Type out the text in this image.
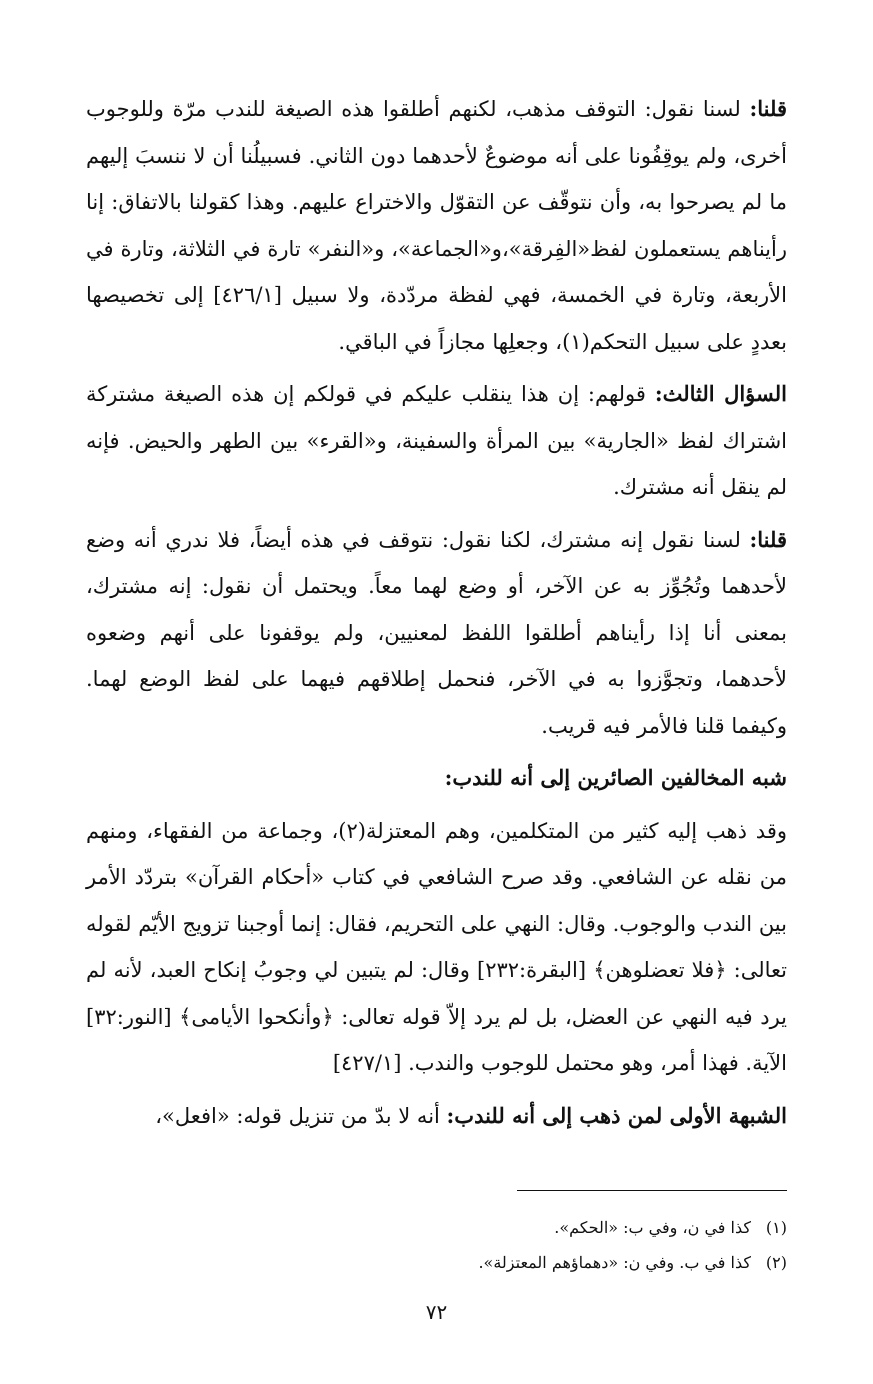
قلنا: لسنا نقول: التوقف مذهب، لكنهم أطلقوا هذه الصيغة للندب مرّة وللوجوب أخرى، ولم يوقِفُونا على أنه موضوعٌ لأحدهما دون الثاني. فسبيلُنا أن لا ننسبَ إليهم ما لم يصرحوا به، وأن نتوقّف عن التقوّل والاختراع عليهم. وهذا كقولنا بالاتفاق: إنا رأيناهم يستعملون لفظ«الفِرقة»،و«الجماعة»، و«النفر» تارة في الثلاثة، وتارة في الأربعة، وتارة في الخمسة، فهي لفظة مردّدة، ولا سبيل [٤٢٦/١] إلى تخصيصها بعددٍ على سبيل التحكم(١)، وجعلِها مجازاً في الباقي.

السؤال الثالث: قولهم: إن هذا ينقلب عليكم في قولكم إن هذه الصيغة مشتركة اشتراك لفظ «الجارية» بين المرأة والسفينة، و«القرء» بين الطهر والحيض. فإنه لم ينقل أنه مشترك.

قلنا: لسنا نقول إنه مشترك، لكنا نقول: نتوقف في هذه أيضاً، فلا ندري أنه وضع لأحدهما وتُجُوِّز به عن الآخر، أو وضع لهما معاً. ويحتمل أن نقول: إنه مشترك، بمعنى أنا إذا رأيناهم أطلقوا اللفظ لمعنيين، ولم يوقفونا على أنهم وضعوه لأحدهما، وتجوَّزوا به في الآخر، فنحمل إطلاقهم فيهما على لفظ الوضع لهما. وكيفما قلنا فالأمر فيه قريب.

شبه المخالفين الصائرين إلى أنه للندب:

وقد ذهب إليه كثير من المتكلمين، وهم المعتزلة(٢)، وجماعة من الفقهاء، ومنهم من نقله عن الشافعي. وقد صرح الشافعي في كتاب «أحكام القرآن» بتردّد الأمر بين الندب والوجوب. وقال: النهي على التحريم، فقال: إنما أوجبنا تزويج الأيّم لقوله تعالى: ﴿فلا تعضلوهن﴾ [البقرة:٢٣٢] وقال: لم يتبين لي وجوبُ إنكاح العبد، لأنه لم يرد فيه النهي عن العضل، بل لم يرد إلاّ قوله تعالى: ﴿وأنكحوا الأيامى﴾ [النور:٣٢] الآية. فهذا أمر، وهو محتمل للوجوب والندب. [٤٢٧/١]

الشبهة الأولى لمن ذهب إلى أنه للندب: أنه لا بدّ من تنزيل قوله: «افعل»،

(١)كذا في ن، وفي ب: «الحكم».

(٢)كذا في ب. وفي ن: «دهماؤهم المعتزلة».

٧٢
